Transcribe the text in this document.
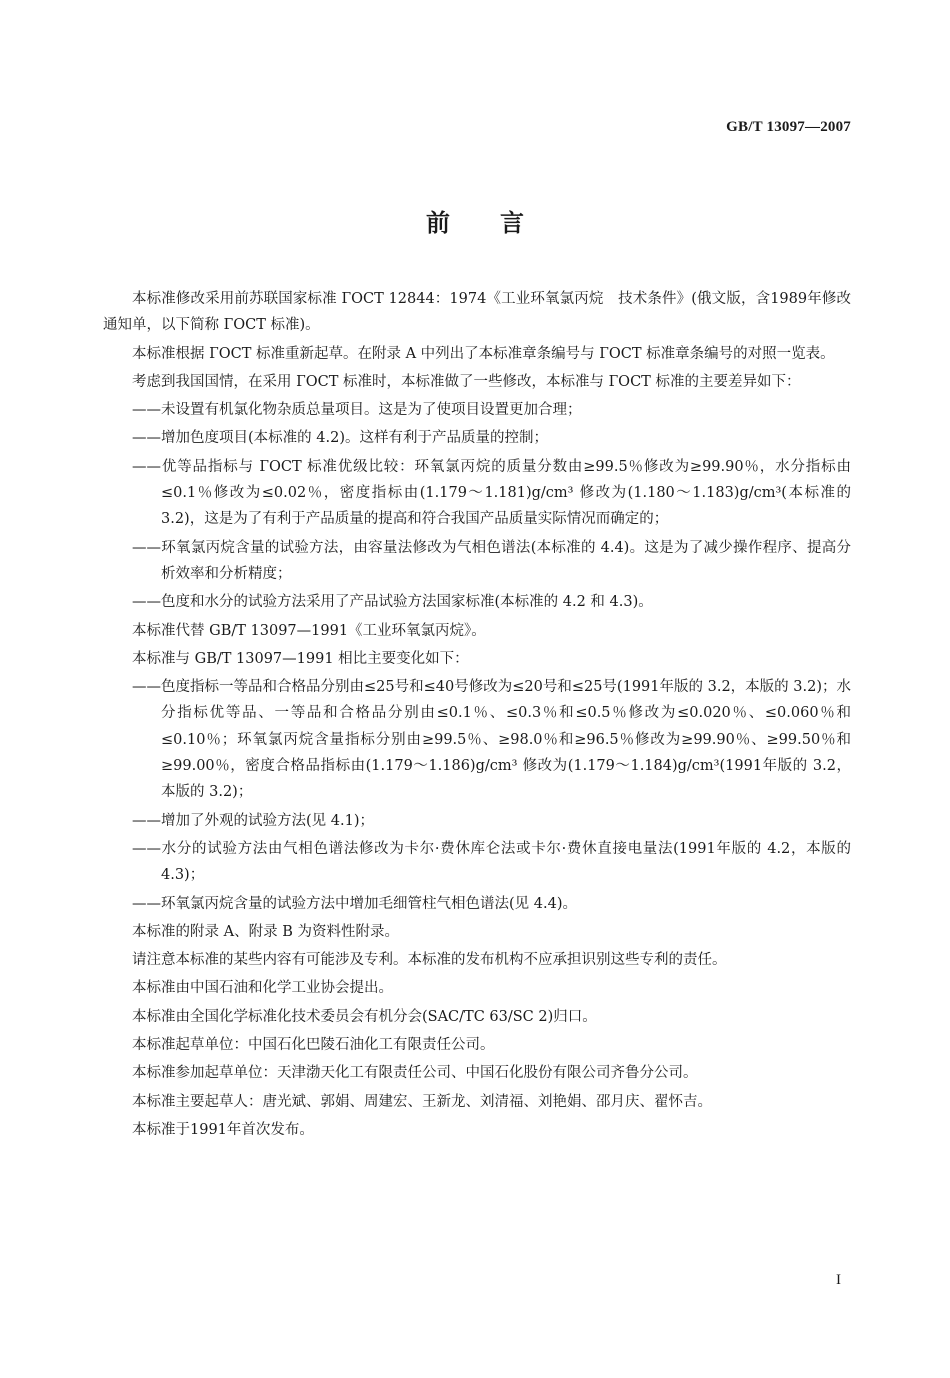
GB/T 13097—2007
前言

本标准修改采用前苏联国家标准 ГОСТ 12844：1974《工业环氧氯丙烷　技术条件》(俄文版，含1989年修改通知单，以下简称 ГОСТ 标准)。

本标准根据 ГОСТ 标准重新起草。在附录 A 中列出了本标准章条编号与 ГОСТ 标准章条编号的对照一览表。

考虑到我国国情，在采用 ГОСТ 标准时，本标准做了一些修改，本标准与 ГОСТ 标准的主要差异如下：

——未设置有机氯化物杂质总量项目。这是为了使项目设置更加合理；

——增加色度项目(本标准的 4.2)。这样有利于产品质量的控制；

——优等品指标与 ГОСТ 标准优级比较：环氧氯丙烷的质量分数由≥99.5％修改为≥99.90％，水分指标由≤0.1％修改为≤0.02％，密度指标由(1.179～1.181)g/cm³ 修改为(1.180～1.183)g/cm³(本标准的 3.2)，这是为了有利于产品质量的提高和符合我国产品质量实际情况而确定的；

——环氧氯丙烷含量的试验方法，由容量法修改为气相色谱法(本标准的 4.4)。这是为了减少操作程序、提高分析效率和分析精度；

——色度和水分的试验方法采用了产品试验方法国家标准(本标准的 4.2 和 4.3)。

本标准代替 GB/T 13097—1991《工业环氧氯丙烷》。

本标准与 GB/T 13097—1991 相比主要变化如下：

——色度指标一等品和合格品分别由≤25号和≤40号修改为≤20号和≤25号(1991年版的 3.2，本版的 3.2)；水分指标优等品、一等品和合格品分别由≤0.1％、≤0.3％和≤0.5％修改为≤0.020％、≤0.060％和≤0.10％；环氧氯丙烷含量指标分别由≥99.5％、≥98.0％和≥96.5％修改为≥99.90％、≥99.50％和≥99.00％，密度合格品指标由(1.179～1.186)g/cm³ 修改为(1.179～1.184)g/cm³(1991年版的 3.2，本版的 3.2)；

——增加了外观的试验方法(见 4.1)；

——水分的试验方法由气相色谱法修改为卡尔·费休库仑法或卡尔·费休直接电量法(1991年版的 4.2，本版的 4.3)；

——环氧氯丙烷含量的试验方法中增加毛细管柱气相色谱法(见 4.4)。

本标准的附录 A、附录 B 为资料性附录。

请注意本标准的某些内容有可能涉及专利。本标准的发布机构不应承担识别这些专利的责任。

本标准由中国石油和化学工业协会提出。

本标准由全国化学标准化技术委员会有机分会(SAC/TC 63/SC 2)归口。

本标准起草单位：中国石化巴陵石油化工有限责任公司。

本标准参加起草单位：天津渤天化工有限责任公司、中国石化股份有限公司齐鲁分公司。

本标准主要起草人：唐光斌、郭娟、周建宏、王新龙、刘清福、刘艳娟、邵月庆、翟怀吉。

本标准于1991年首次发布。

I
